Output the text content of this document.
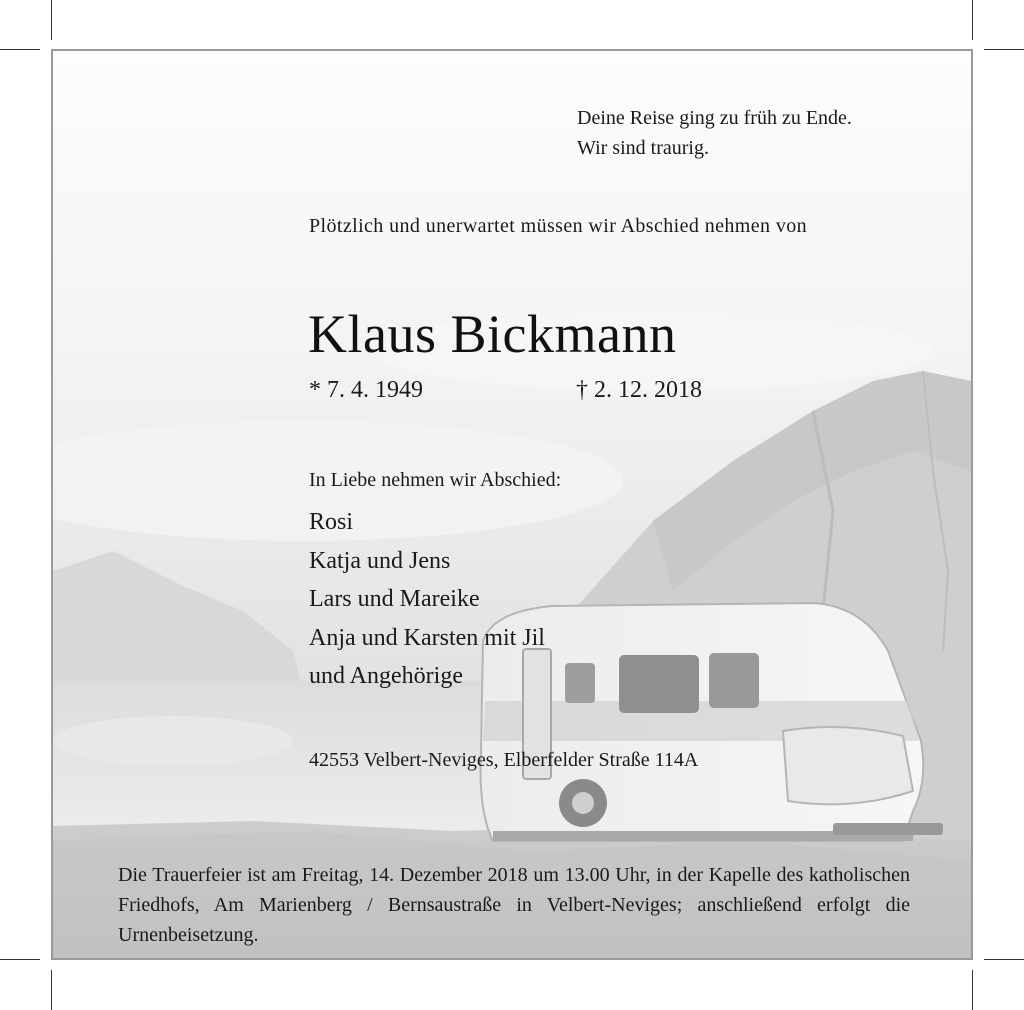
Deine Reise ging zu früh zu Ende.
Wir sind traurig.
Plötzlich und unerwartet müssen wir Abschied nehmen von
Klaus Bickmann
* 7. 4. 1949	† 2. 12. 2018
In Liebe nehmen wir Abschied:
Rosi
Katja und Jens
Lars und Mareike
Anja und Karsten mit Jil
und Angehörige
42553 Velbert-Neviges, Elberfelder Straße 114A

Die Trauerfeier ist am Freitag, 14. Dezember 2018 um 13.00 Uhr, in der Kapelle des katholischen Friedhofs, Am Marienberg / Bernsaustraße in Velbert-Neviges; anschließend erfolgt die Urnenbeisetzung.
